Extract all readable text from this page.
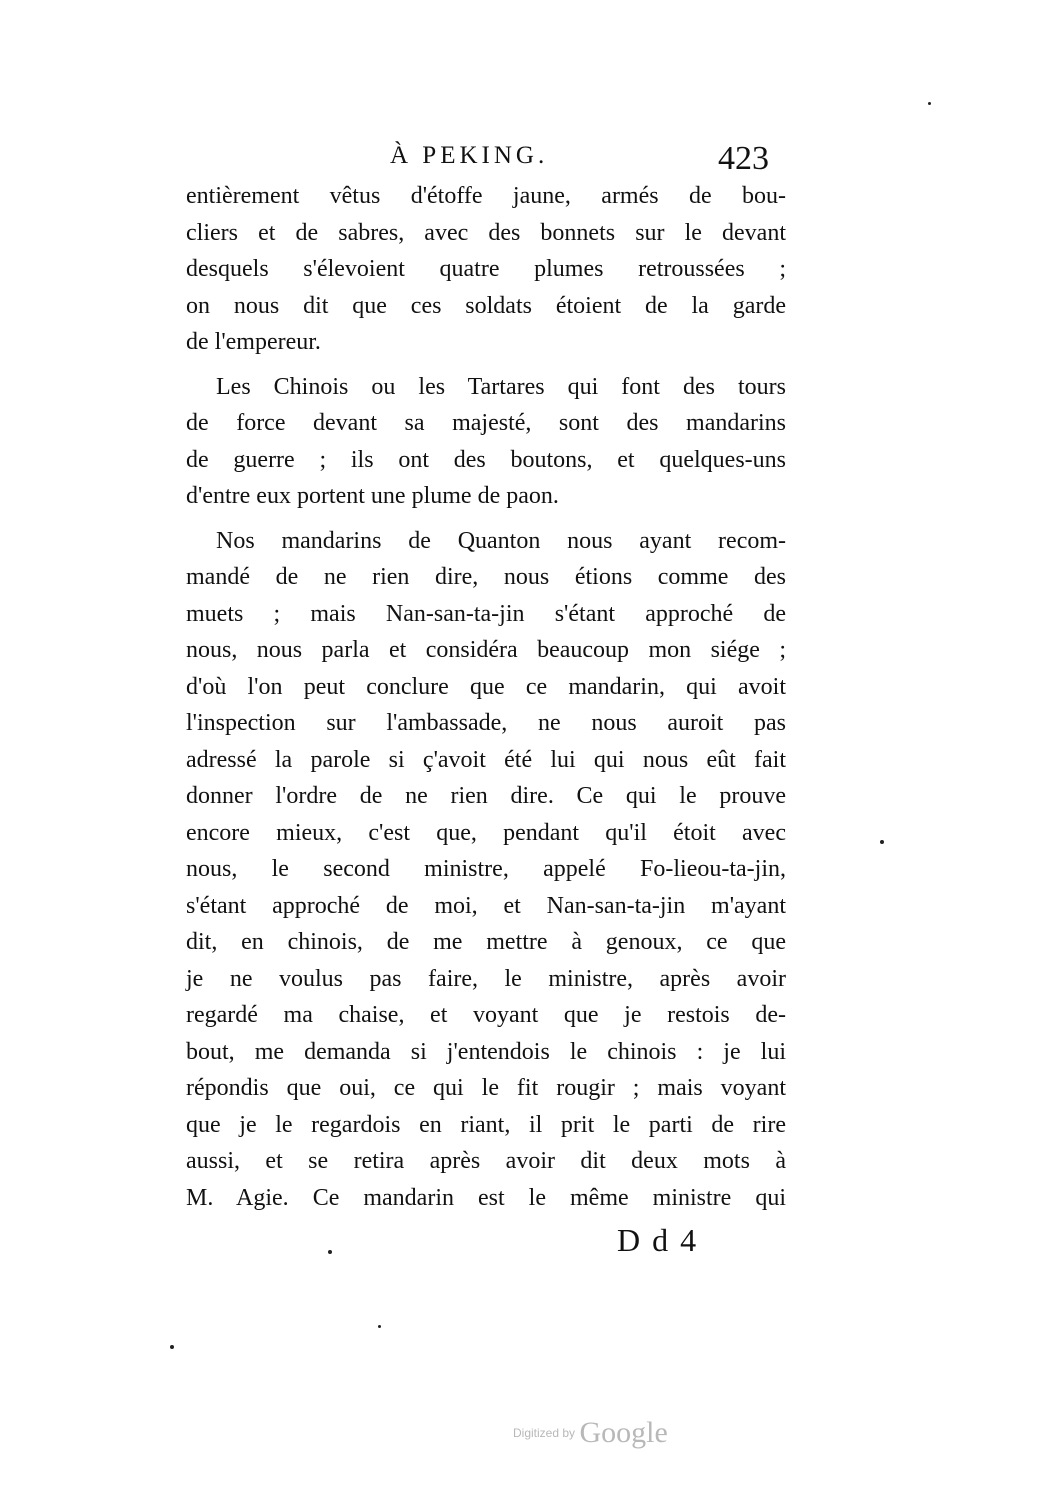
À PEKING.	423
entièrement vêtus d'étoffe jaune, armés de bou-
cliers et de sabres, avec des bonnets sur le devant
desquels s'élevoient quatre plumes retroussées ;
on nous dit que ces soldats étoient de la garde
de l'empereur.
Les Chinois ou les Tartares qui font des tours
de force devant sa majesté, sont des mandarins
de guerre ; ils ont des boutons, et quelques-uns
d'entre eux portent une plume de paon.
Nos mandarins de Quanton nous ayant recom-
mandé de ne rien dire, nous étions comme des
muets ; mais Nan-san-ta-jin s'étant approché de
nous, nous parla et considéra beaucoup mon siége ;
d'où l'on peut conclure que ce mandarin, qui avoit
l'inspection sur l'ambassade, ne nous auroit pas
adressé la parole si ç'avoit été lui qui nous eût fait
donner l'ordre de ne rien dire. Ce qui le prouve
encore mieux, c'est que, pendant qu'il étoit avec
nous, le second ministre, appelé Fo-lieou-ta-jin,
s'étant approché de moi, et Nan-san-ta-jin m'ayant
dit, en chinois, de me mettre à genoux, ce que
je ne voulus pas faire, le ministre, après avoir
regardé ma chaise, et voyant que je restois de-
bout, me demanda si j'entendois le chinois : je lui
répondis que oui, ce qui le fit rougir ; mais voyant
que je le regardois en riant, il prit le parti de rire
aussi, et se retira après avoir dit deux mots à
M. Agie. Ce mandarin est le même ministre qui
D d 4
Digitized by Google
